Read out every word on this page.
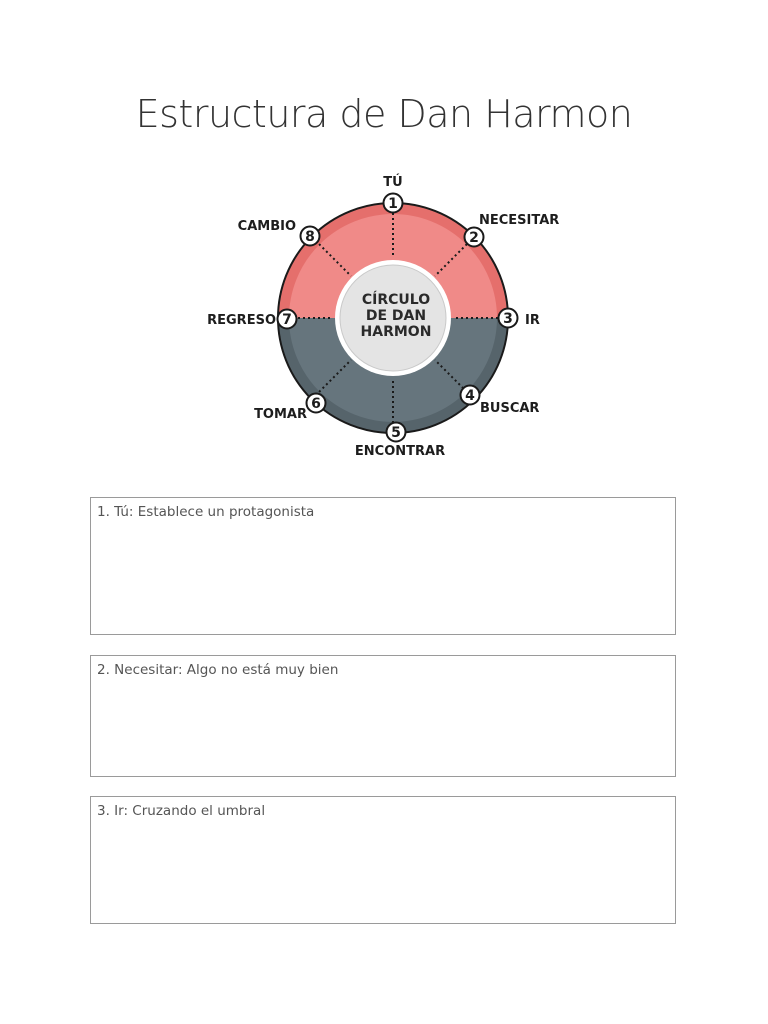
Estructura de Dan Harmon
CÍRCULO
DE DAN
HARMON
1
2
3
4
5
6
7
8
TÚ
NECESITAR
IR
BUSCAR
ENCONTRAR
TOMAR
REGRESO
CAMBIO
1. Tú: Establece un protagonista
2. Necesitar: Algo no está muy bien
3. Ir: Cruzando el umbral
